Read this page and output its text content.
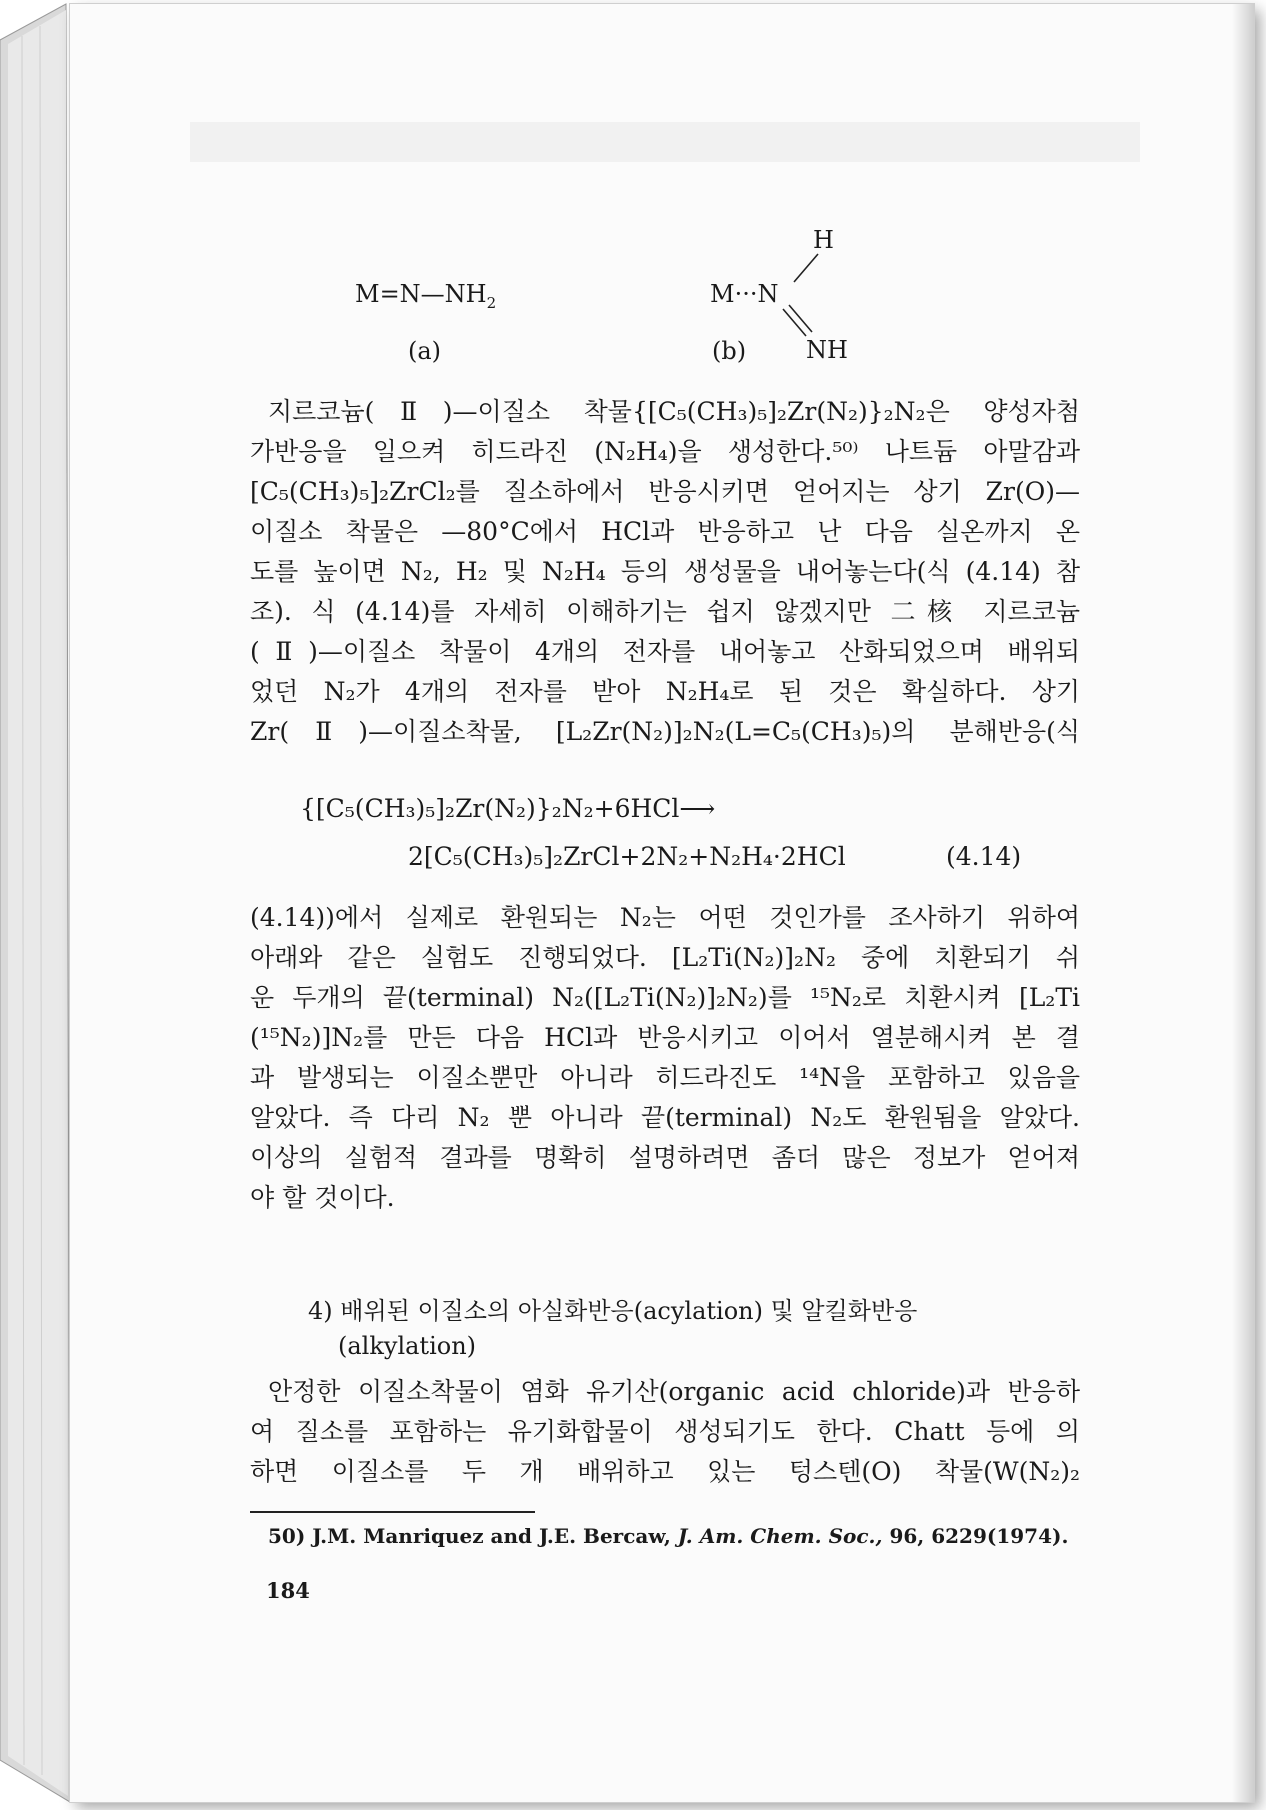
$M=N—NH_2$
(a)
H
M···N
NH
(b)
지르코늄(Ⅱ)—이질소 착물{[C₅(CH₃)₅]₂Zr(N₂)}₂N₂은 양성자첨
가반응을 일으켜 히드라진 (N₂H₄)을 생성한다.⁵⁰⁾ 나트듐 아말감과
[C₅(CH₃)₅]₂ZrCl₂를 질소하에서 반응시키면 얻어지는 상기 Zr(O)—
이질소 착물은 —80°C에서 HCl과 반응하고 난 다음 실온까지 온
도를 높이면 N₂, H₂ 및 N₂H₄ 등의 생성물을 내어놓는다(식 (4.14) 참
조). 식 (4.14)를 자세히 이해하기는 쉽지 않겠지만 二核 지르코늄
(Ⅱ)—이질소 착물이 4개의 전자를 내어놓고 산화되었으며 배위되
었던 N₂가 4개의 전자를 받아 N₂H₄로 된 것은 확실하다. 상기
Zr(Ⅱ)—이질소착물, [L₂Zr(N₂)]₂N₂(L=C₅(CH₃)₅)의 분해반응(식
{[C₅(CH₃)₅]₂Zr(N₂)}₂N₂+6HCl⟶
2[C₅(CH₃)₅]₂ZrCl+2N₂+N₂H₄·2HCl	(4.14)
(4.14))에서 실제로 환원되는 N₂는 어떤 것인가를 조사하기 위하여
아래와 같은 실험도 진행되었다. [L₂Ti(N₂)]₂N₂ 중에 치환되기 쉬
운 두개의 끝(terminal) N₂([L₂Ti(N₂)]₂N₂)를 ¹⁵N₂로 치환시켜 [L₂Ti
(¹⁵N₂)]N₂를 만든 다음 HCl과 반응시키고 이어서 열분해시켜 본 결
과 발생되는 이질소뿐만 아니라 히드라진도 ¹⁴N을 포함하고 있음을
알았다. 즉 다리 N₂ 뿐 아니라 끝(terminal) N₂도 환원됨을 알았다.
이상의 실험적 결과를 명확히 설명하려면 좀더 많은 정보가 얻어져
야 할 것이다.
4) 배위된 이질소의 아실화반응(acylation) 및 알킬화반응
(alkylation)
안정한 이질소착물이 염화 유기산(organic acid chloride)과 반응하
여 질소를 포함하는 유기화합물이 생성되기도 한다. Chatt 등에 의
하면 이질소를 두 개 배위하고 있는 텅스텐(O) 착물(W(N₂)₂
50) J.M. Manriquez and J.E. Bercaw, J. Am. Chem. Soc., 96, 6229(1974).
184
